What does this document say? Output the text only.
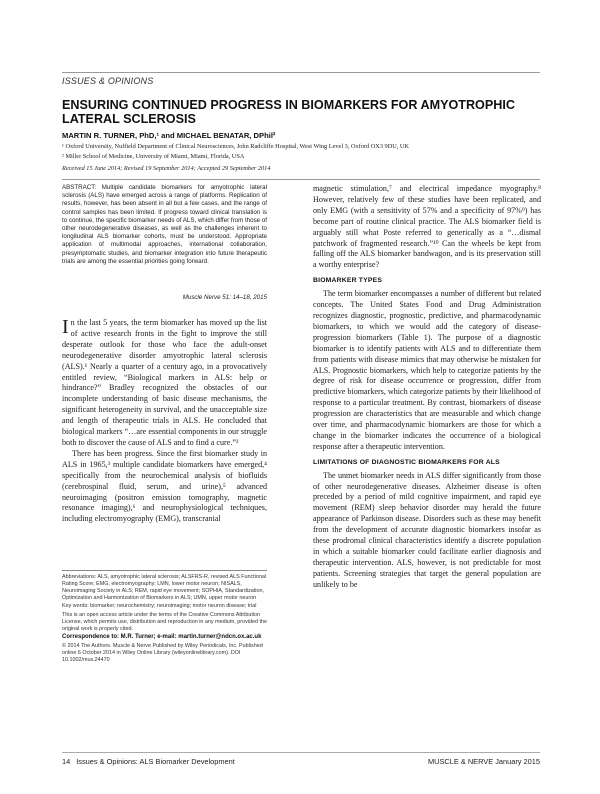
ISSUES & OPINIONS
ENSURING CONTINUED PROGRESS IN BIOMARKERS FOR AMYOTROPHIC LATERAL SCLEROSIS
MARTIN R. TURNER, PhD,¹ and MICHAEL BENATAR, DPhil²
¹ Oxford University, Nuffield Department of Clinical Neurosciences, John Radcliffe Hospital, West Wing Level 3, Oxford OX3 9DU, UK
² Miller School of Medicine, University of Miami, Miami, Florida, USA
Received 15 June 2014; Revised 19 September 2014; Accepted 29 September 2014
ABSTRACT: Multiple candidate biomarkers for amyotrophic lateral sclerosis (ALS) have emerged across a range of platforms. Replication of results, however, has been absent in all but a few cases, and the range of control samples has been limited. If progress toward clinical translation is to continue, the specific biomarker needs of ALS, which differ from those of other neurodegenerative diseases, as well as the challenges inherent to longitudinal ALS biomarker cohorts, must be understood. Appropriate application of multimodal approaches, international collaboration, presymptomatic studies, and biomarker integration into future therapeutic trials are among the essential priorities going forward.
Muscle Nerve 51: 14–18, 2015

In the last 5 years, the term biomarker has moved up the list of active research fronts in the fight to improve the still desperate outlook for those who face the adult-onset neurodegenerative disorder amyotrophic lateral sclerosis (ALS).¹ Nearly a quarter of a century ago, in a provocatively entitled review, “Biological markers in ALS: help or hindrance?” Bradley recognized the obstacles of our incomplete understanding of basic disease mechanisms, the significant heterogeneity in survival, and the unacceptable size and length of therapeutic trials in ALS. He concluded that biological markers “…are essential components in our struggle both to discover the cause of ALS and to find a cure.”²

There has been progress. Since the first biomarker study in ALS in 1965,³ multiple candidate biomarkers have emerged,⁴ specifically from the neurochemical analysis of biofluids (cerebrospinal fluid, serum, and urine),⁵ advanced neuroimaging (positron emission tomography, magnetic resonance imaging),⁶ and neurophysiological techniques, including electromyography (EMG), transcranial

Abbreviations: ALS, amyotrophic lateral sclerosis; ALSFRS-R, revised ALS Functional Rating Score; EMG, electromyography; LMN, lower motor neuron; NISALS, Neuroimaging Society in ALS; REM, rapid eye movement; SOPHIA, Standardization, Optimization and Harmonization of Biomarkers in ALS; UMN, upper motor neuron

Key words: biomarker; neurochemistry; neuroimaging; motor neuron disease; trial

This is an open access article under the terms of the Creative Commons Attribution License, which permits use, distribution and reproduction in any medium, provided the original work is properly cited.

Correspondence to: M.R. Turner; e-mail: martin.turner@ndcn.ox.ac.uk

© 2014 The Authors. Muscle & Nerve Published by Wiley Periodicals, Inc. Published online 6 October 2014 in Wiley Online Library (wileyonlinelibrary.com). DOI 10.1002/mus.24470

magnetic stimulation,⁷ and electrical impedance myography.⁸ However, relatively few of these studies have been replicated, and only EMG (with a sensitivity of 57% and a specificity of 97%⁹) has become part of routine clinical practice. The ALS biomarker field is arguably still what Poste referred to generically as a “…dismal patchwork of fragmented research.”¹⁰ Can the wheels be kept from falling off the ALS biomarker bandwagon, and is its preservation still a worthy enterprise?

BIOMARKER TYPES

The term biomarker encompasses a number of different but related concepts. The United States Food and Drug Administration recognizes diagnostic, prognostic, predictive, and pharmacodynamic biomarkers, to which we would add the category of disease-progression biomarkers (Table 1). The purpose of a diagnostic biomarker is to identify patients with ALS and to differentiate them from patients with disease mimics that may otherwise be mistaken for ALS. Prognostic biomarkers, which help to categorize patients by the degree of risk for disease occurrence or progression, differ from predictive biomarkers, which categorize patients by their likelihood of response to a particular treatment. By contrast, biomarkers of disease progression are characteristics that are measurable and which change over time, and pharmacodynamic biomarkers are those for which a change in the biomarker indicates the occurrence of a biological response after a therapeutic intervention.

LIMITATIONS OF DIAGNOSTIC BIOMARKERS FOR ALS

The unmet biomarker needs in ALS differ significantly from those of other neurodegenerative diseases. Alzheimer disease is often preceded by a period of mild cognitive impairment, and rapid eye movement (REM) sleep behavior disorder may herald the future appearance of Parkinson disease. Disorders such as these may benefit from the development of accurate diagnostic biomarkers insofar as these prodromal clinical characteristics identify a discrete population in which a suitable biomarker could facilitate earlier diagnosis and therapeutic intervention. ALS, however, is not predictable for most patients. Screening strategies that target the general population are unlikely to be

14 Issues & Opinions: ALS Biomarker Development	MUSCLE & NERVE January 2015
